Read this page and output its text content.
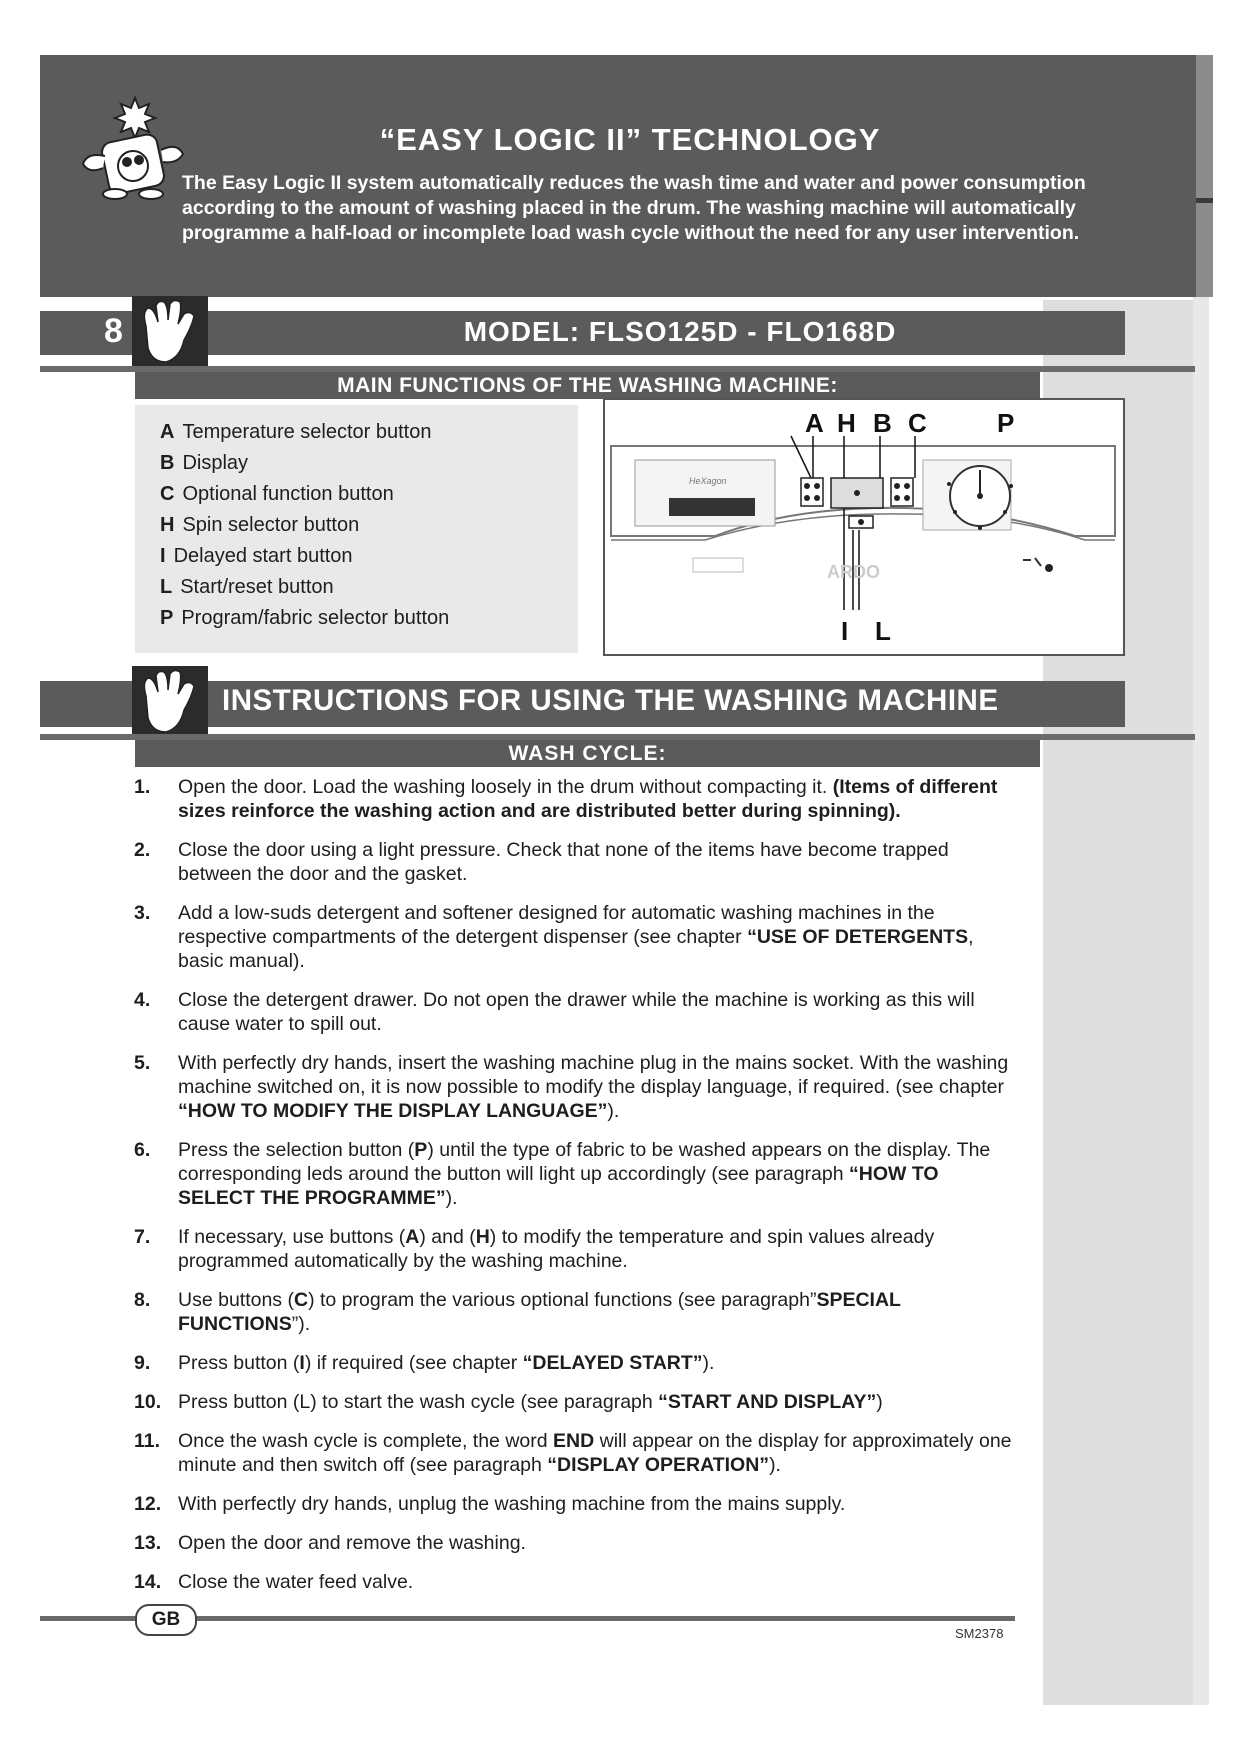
“EASY LOGIC II” TECHNOLOGY
The Easy Logic II system automatically reduces the wash time and water and power consumption according to the amount of washing placed in the drum. The washing machine will automatically programme a half-load or incomplete load wash cycle without the need for any user intervention.
8	MODEL: FLSO125D - FLO168D
MAIN FUNCTIONS OF THE WASHING MACHINE:
A Temperature selector button
B Display
C Optional function button
H Spin selector button
I Delayed start button
L Start/reset button
P Program/fabric selector button
A H B C	P
I L
HeXagon
ARDO
INSTRUCTIONS FOR USING THE WASHING MACHINE
WASH CYCLE:
1. Open the door. Load the washing loosely in the drum without compacting it. (Items of different sizes reinforce the washing action and are distributed better during spinning).
2. Close the door using a light pressure. Check that none of the items have become trapped between the door and the gasket.
3. Add a low-suds detergent and softener designed for automatic washing machines in the respective compartments of the detergent dispenser (see chapter “USE OF DETERGENTS, basic manual).
4. Close the detergent drawer. Do not open the drawer while the machine is working as this will cause water to spill out.
5. With perfectly dry hands, insert the washing machine plug in the mains socket. With the washing machine switched on, it is now possible to modify the display language, if required. (see chapter “HOW TO MODIFY THE DISPLAY LANGUAGE”).
6. Press the selection button (P) until the type of fabric to be washed appears on the display. The corresponding leds around the button will light up accordingly (see paragraph “HOW TO SELECT THE PROGRAMME”).
7. If necessary, use buttons (A) and (H) to modify the temperature and spin values already programmed automatically by the washing machine.
8. Use buttons (C) to program the various optional functions (see paragraph”SPECIAL FUNCTIONS”).
9. Press button (I) if required (see chapter “DELAYED START”).
10. Press button (L) to start the wash cycle (see paragraph “START AND DISPLAY”)
11. Once the wash cycle is complete, the word END will appear on the display for approximately one minute and then switch off (see paragraph “DISPLAY OPERATION”).
12. With perfectly dry hands, unplug the washing machine from the mains supply.
13. Open the door and remove the washing.
14. Close the water feed valve.
GB
SM2378
